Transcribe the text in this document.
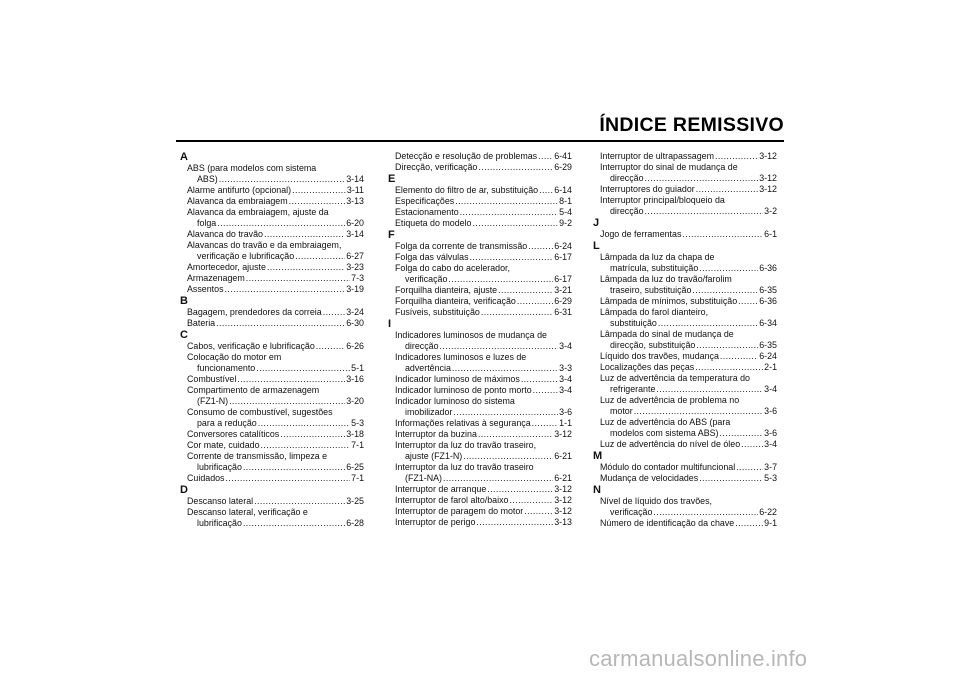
ÍNDICE REMISSIVO
A
ABS (para modelos com sistema
ABS) .....	3-14
Alarme antifurto (opcional) .....	3-11
Alavanca da embraiagem .....	3-13
Alavanca da embraiagem, ajuste da
folga .....	6-20
Alavanca do travão .....	3-14
Alavancas do travão e da embraiagem,
verificação e lubrificação .....	6-27
Amortecedor, ajuste .....	3-23
Armazenagem .....	7-3
Assentos .....	3-19
B
Bagagem, prendedores da correia .....	3-24
Bateria .....	6-30
C
Cabos, verificação e lubrificação .....	6-26
Colocação do motor em
funcionamento .....	5-1
Combustível .....	3-16
Compartimento de armazenagem
(FZ1-N) .....	3-20
Consumo de combustível, sugestões
para a redução .....	5-3
Conversores catalíticos .....	3-18
Cor mate, cuidado .....	7-1
Corrente de transmissão, limpeza e
lubrificação .....	6-25
Cuidados .....	7-1
D
Descanso lateral .....	3-25
Descanso lateral, verificação e
lubrificação .....	6-28
Detecção e resolução de problemas ..... 6-41
Direcção, verificação .....	6-29
E
Elemento do filtro de ar, substituição ..... 6-14
Especificações .....	8-1
Estacionamento .....	5-4
Etiqueta do modelo .....	9-2
F
Folga da corrente de transmissão .....	6-24
Folga das válvulas .....	6-17
Folga do cabo do acelerador,
verificação .....	6-17
Forquilha dianteira, ajuste .....	3-21
Forquilha dianteira, verificação .....	6-29
Fusíveis, substituição .....	6-31
I
Indicadores luminosos de mudança de
direcção .....	3-4
Indicadores luminosos e luzes de
advertência .....	3-3
Indicador luminoso de máximos .....	3-4
Indicador luminoso de ponto morto .....	3-4
Indicador luminoso do sistema
imobilizador .....	3-6
Informações relativas à segurança .....	1-1
Interruptor da buzina .....	3-12
Interruptor da luz do travão traseiro,
ajuste (FZ1-N) .....	6-21
Interruptor da luz do travão traseiro
(FZ1-NA) .....	6-21
Interruptor de arranque .....	3-12
Interruptor de farol alto/baixo .....	3-12
Interruptor de paragem do motor .....	3-12
Interruptor de perigo .....	3-13
Interruptor de ultrapassagem .....	3-12
Interruptor do sinal de mudança de
direcção .....	3-12
Interruptores do guiador .....	3-12
Interruptor principal/bloqueio da
direcção .....	3-2
J
Jogo de ferramentas .....	6-1
L
Lâmpada da luz da chapa de
matrícula, substituição .....	6-36
Lâmpada da luz do travão/farolim
traseiro, substituição .....	6-35
Lâmpada de mínimos, substituição ..... 6-36
Lâmpada do farol dianteiro,
substituição .....	6-34
Lâmpada do sinal de mudança de
direcção, substituição .....	6-35
Líquido dos travões, mudança .....	6-24
Localizações das peças .....	2-1
Luz de advertência da temperatura do
refrigerante .....	3-4
Luz de advertência de problema no
motor .....	3-6
Luz de advertência do ABS (para
modelos com sistema ABS) .....	3-6
Luz de advertência do nível de óleo .....	3-4
M
Módulo do contador multifuncional .....	3-7
Mudança de velocidades .....	5-3
N
Nível de líquido dos travões,
verificação .....	6-22
Número de identificação da chave .....	9-1
carmanualsonline.info
